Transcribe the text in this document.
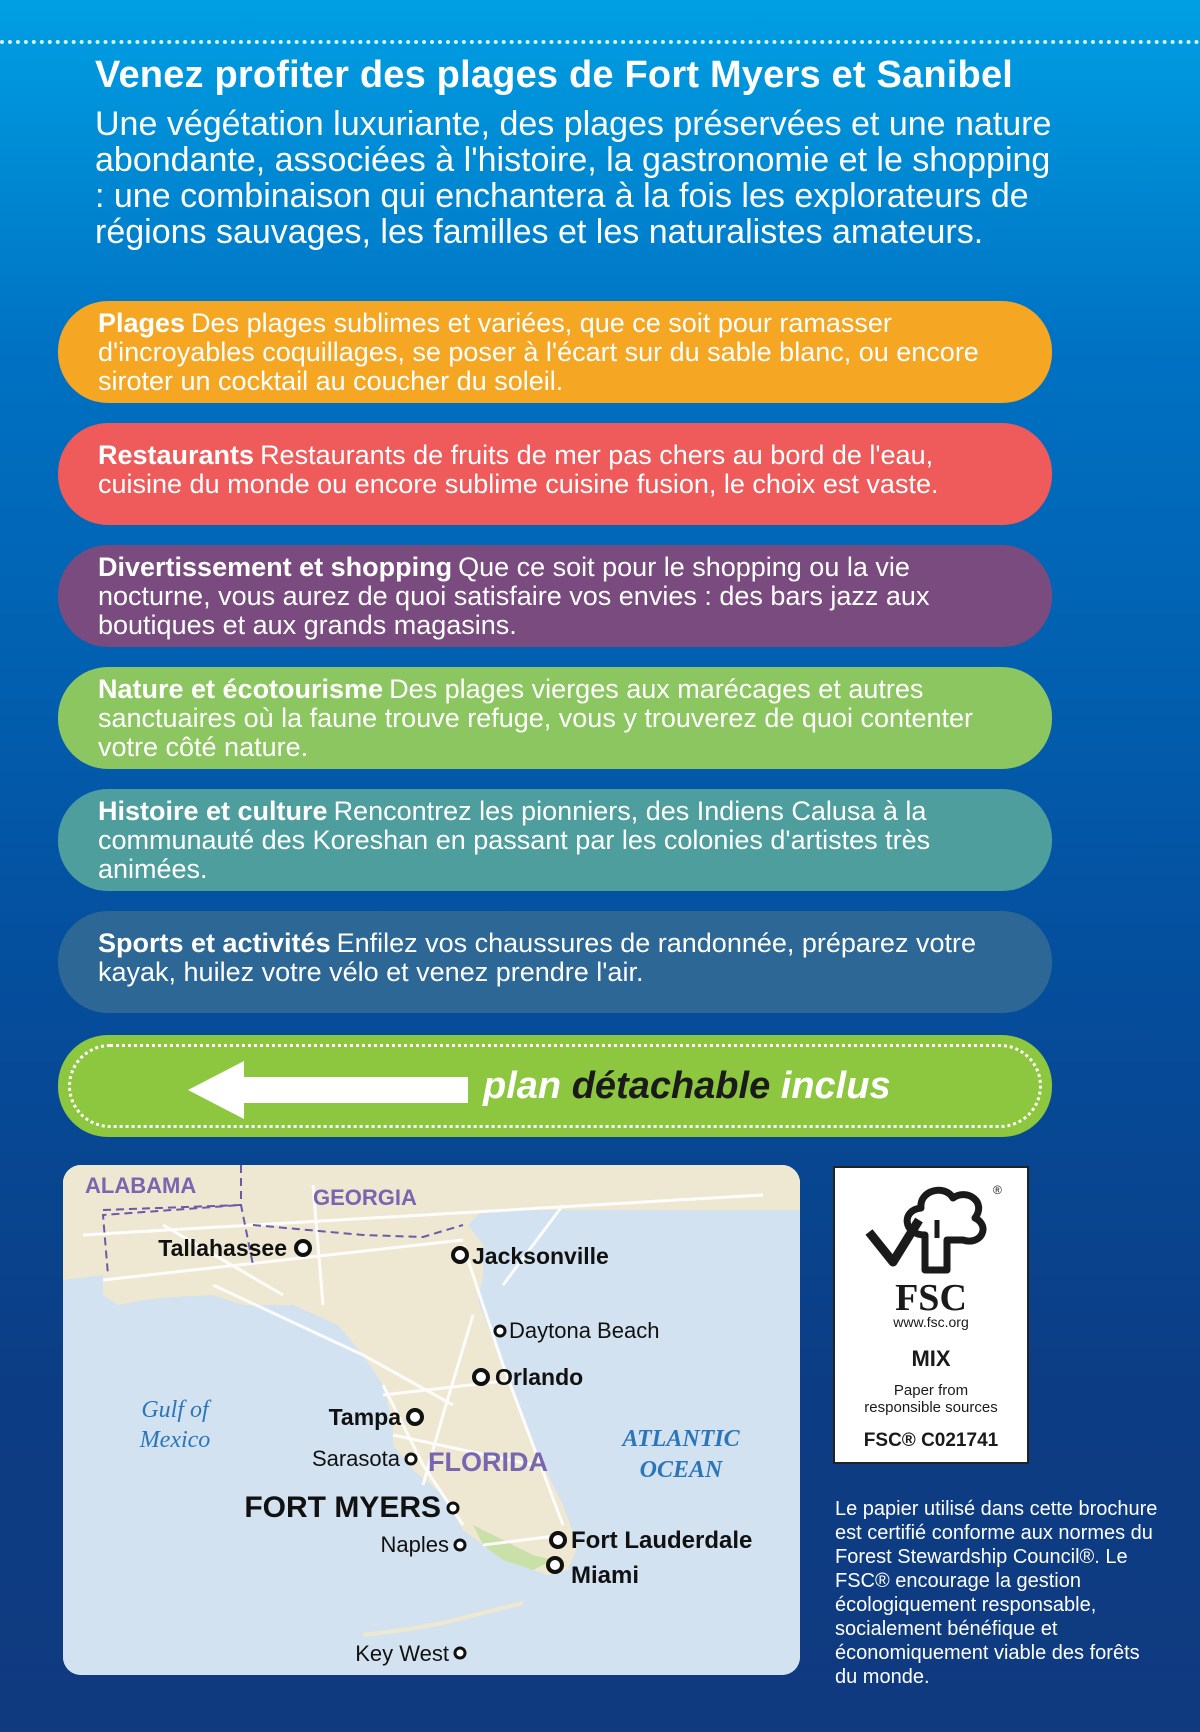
Venez profiter des plages de Fort Myers et Sanibel

Une végétation luxuriante, des plages préservées et une nature abondante, associées à l'histoire, la gastronomie et le shopping : une combinaison qui enchantera à la fois les explorateurs de régions sauvages, les familles et les naturalistes amateurs.

Plages Des plages sublimes et variées, que ce soit pour ramasser d'incroyables coquillages, se poser à l'écart sur du sable blanc, ou encore siroter un cocktail au coucher du soleil.
Restaurants Restaurants de fruits de mer pas chers au bord de l'eau, cuisine du monde ou encore sublime cuisine fusion, le choix est vaste.
Divertissement et shopping Que ce soit pour le shopping ou la vie nocturne, vous aurez de quoi satisfaire vos envies : des bars jazz aux boutiques et aux grands magasins.
Nature et écotourisme Des plages vierges aux marécages et autres sanctuaires où la faune trouve refuge, vous y trouverez de quoi contenter votre côté nature.
Histoire et culture Rencontrez les pionniers, des Indiens Calusa à la communauté des Koreshan en passant par les colonies d'artistes très animées.
Sports et activités Enfilez vos chaussures de randonnée, préparez votre kayak, huilez votre vélo et venez prendre l'air.
plan détachable inclus
ALABAMA	GEORGIA
FLORIDA
Gulf of
Mexico	ATLANTIC
OCEAN
Tallahassee	Jacksonville
Daytona Beach
Orlando
Tampa
Sarasota
FORT MYERS
Naples	Fort Lauderdale
Miami
Key West
®
FSC
www.fsc.org
MIX
Paper from
responsible sources
FSC® C021741

Le papier utilisé dans cette brochure est certifié conforme aux normes du Forest Stewardship Council®. Le FSC® encourage la gestion écologiquement responsable, socialement bénéfique et économiquement viable des forêts du monde.
